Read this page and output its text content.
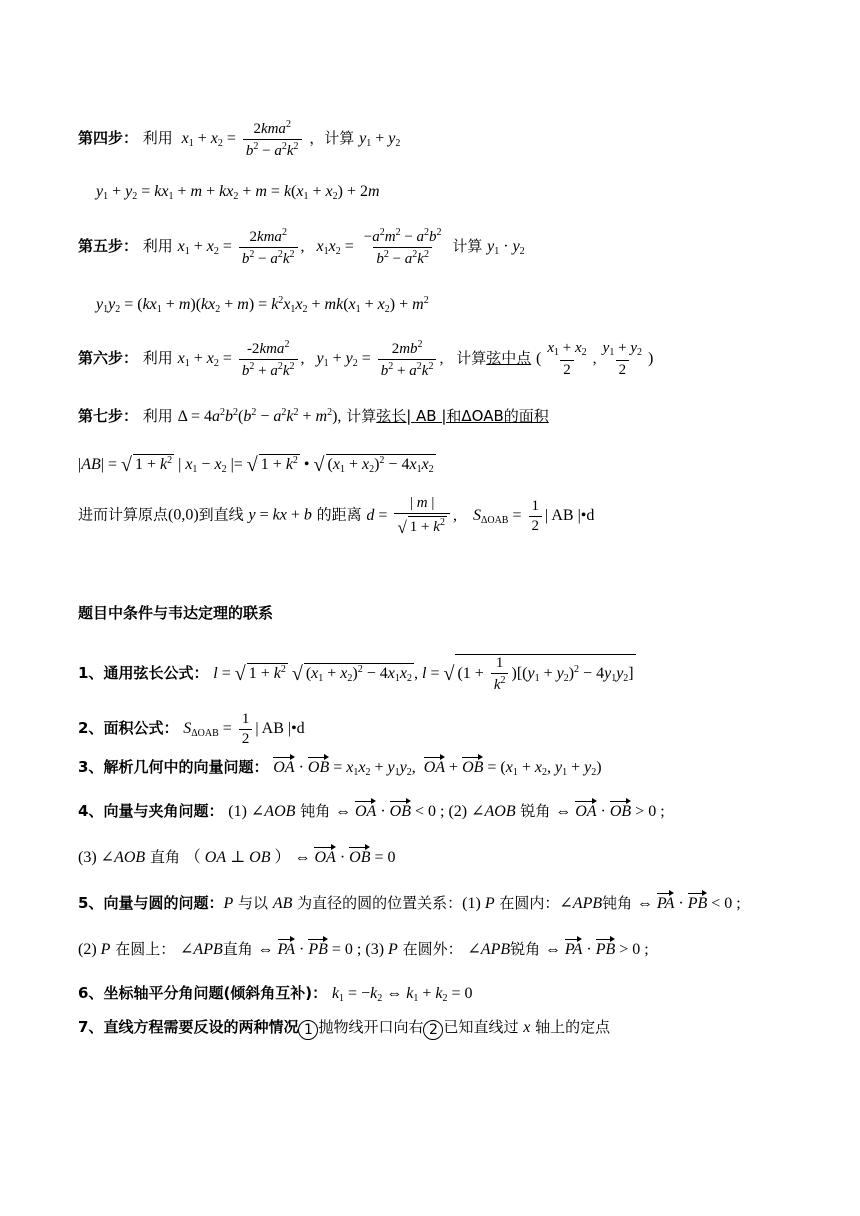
第四步： 利用 $x_1 + x_2 = \frac{2kma^2}{b^2 - a^2k^2}$ ，计算 $y_1 + y_2$
$y_1 + y_2 = kx_1 + m + kx_2 + m = k(x_1 + x_2) + 2m$
第五步： 利用 $x_1 + x_2 = \frac{2kma^2}{b^2 - a^2k^2}$ ,   $x_1x_2 = \frac{-a^2m^2 - a^2b^2}{b^2 - a^2k^2}$ 计算 $y_1 \cdot y_2$
$y_1y_2 = (kx_1 + m)(kx_2 + m) = k^2x_1x_2 + mk(x_1 + x_2) + m^2$
第六步： 利用 $x_1 + x_2 = \frac{-2kma^2}{b^2 + a^2k^2}$ ,   $y_1 + y_2 = \frac{2mb^2}{b^2 + a^2k^2}$ ,   计算弦中点 ( $\frac{x_1 + x_2}{2}$ , $\frac{y_1 + y_2}{2}$ )
第七步： 利用 $\Delta = 4a^2b^2(b^2 - a^2k^2 + m^2)$, 计算弦长| AB |和ΔOAB的面积
|AB| = √ $1 + k^2$ | $x_1 - x_2$ |= √ $1 + k^2$ • √ $(x_1 + x_2)^2 - 4x_1x_2$
进而计算原点(0,0)到直线 y = kx + b 的距离 $d = \frac{| m |}{√ 1 + k^2}$ ,    $S_{\Delta OAB} = \frac{1}{2}$ | AB |•d
题目中条件与韦达定理的联系
1、通用弦长公式： l = √ $1 + k^2$ √ $(x_1 + x_2)^2 - 4x_1x_2$ , l = √ $(1 + \frac{1}{k^2} )[(y_1 + y_2)^2 - 4y_1y_2]$
2、面积公式： $S_{\Delta OAB} = \frac{1}{2}$ | AB |•d
3、解析几何中的向量问题： OA · OB = $x_1x_2 + y_1y_2$,  OA + OB = ($x_1 + x_2$, $y_1 + y_2$)
4、向量与夹角问题： (1) ∠AOB 钝角 ⇔ OA · OB < 0 ; (2) ∠AOB 锐角 ⇔ OA · OB > 0 ;
(3) ∠AOB 直角 （ OA ⊥ OB ） ⇔ OA · OB = 0
5、向量与圆的问题：P 与以 AB 为直径的圆的位置关系：(1) P 在圆内：∠APB钝角 ⇔ PA · PB < 0 ;
(2) P 在圆上： ∠APB直角 ⇔ PA · PB = 0 ; (3) P 在圆外： ∠APB锐角 ⇔ PA · PB > 0 ;
6、坐标轴平分角问题(倾斜角互补)： $k_1 = -k_2$ ⇔ $k_1 + k_2 = 0$
7、直线方程需要反设的两种情况 1 抛物线开口向右 2 已知直线过 x 轴上的定点
